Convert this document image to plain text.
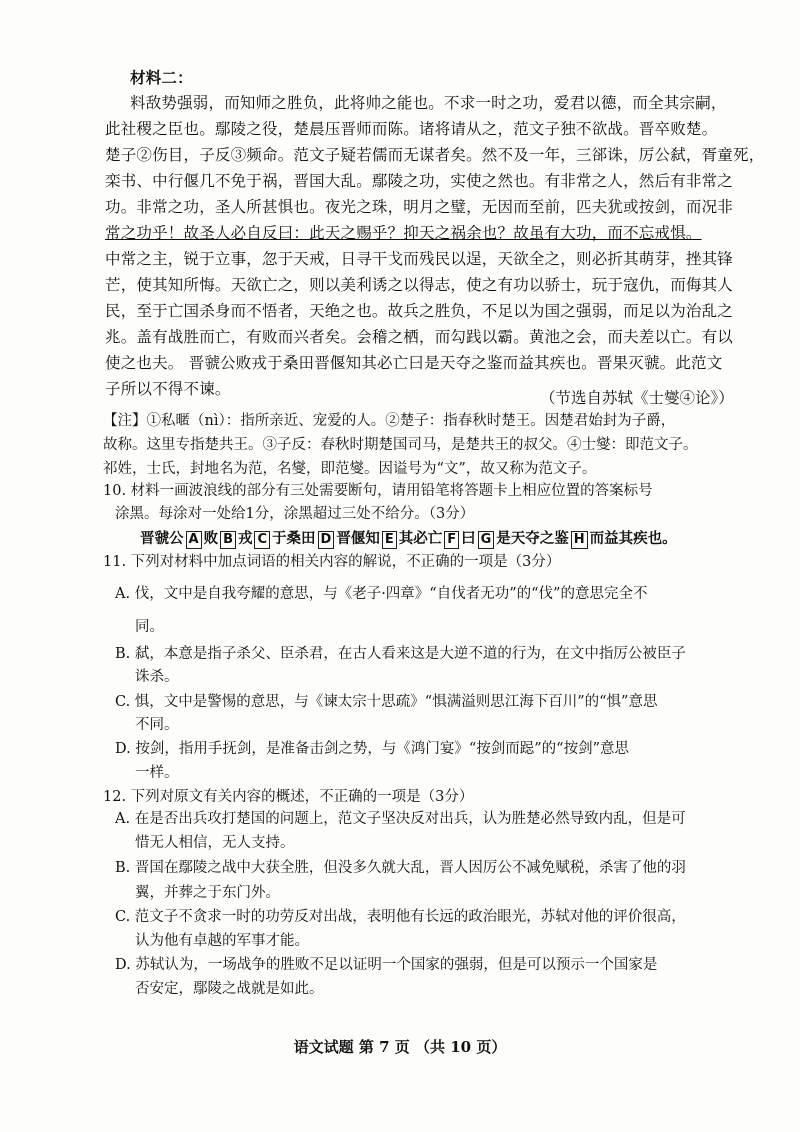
材料二：
料敌势强弱，而知师之胜负，此将帅之能也。不求一时之功，爱君以德，而全其宗嗣，
此社稷之臣也。鄢陵之役，楚晨压晋师而陈。诸将请从之，范文子独不欲战。晋卒败楚。
楚子②伤目，子反③频命。范文子疑若儒而无谋者矣。然不及一年，三郤诛，厉公弑，胥童死，
栾书、中行偃几不免于祸，晋国大乱。鄢陵之功，实使之然也。有非常之人，然后有非常之
功。非常之功，圣人所甚惧也。夜光之珠，明月之璧，无因而至前，匹夫犹或按剑，而况非
常之功乎！故圣人必自反曰：此天之赐乎？抑天之祸余也？故虽有大功，而不忘戒惧。
中常之主，锐于立事，忽于天戒，日寻干戈而残民以逞，天欲全之，则必折其萌芽，挫其锋
芒，使其知所悔。天欲亡之，则以美利诱之以得志，使之有功以骄士，玩于寇仇，而侮其人
民，至于亡国杀身而不悟者，天绝之也。故兵之胜负，不足以为国之强弱，而足以为治乱之
兆。盖有战胜而亡，有败而兴者矣。会稽之栖，而勾践以霸。黄池之会，而夫差以亡。有以
使之也夫。 晋虢公败戎于桑田晋偃知其必亡曰是天夺之鉴而益其疾也。晋果灭虢。此范文
子所以不得不谏。	（节选自苏轼《士燮④论》）
【注】①私暱（nì）：指所亲近、宠爱的人。②楚子：指春秋时楚王。因楚君始封为子爵，
故称。这里专指楚共王。③子反：春秋时期楚国司马，是楚共王的叔父。④士燮：即范文子。
祁姓，士氏，封地名为范，名燮，即范燮。因谥号为“文”，故又称为范文子。
10. 材料一画波浪线的部分有三处需要断句，请用铅笔将答题卡上相应位置的答案标号
涂黑。每涂对一处给1分，涂黑超过三处不给分。（3分）
晋虢公 A 败 B 戎 C 于桑田 D 晋偃知 E 其必亡 F 曰 G 是天夺之鉴 H 而益其疾也。
11. 下列对材料中加点词语的相关内容的解说，不正确的一项是（3分）
A. 伐，文中是自我夸耀的意思，与《老子·四章》“自伐者无功”的“伐”的意思完全不
同。
B. 弑，本意是指子杀父、臣杀君，在古人看来这是大逆不道的行为，在文中指厉公被臣子
诛杀。
C. 惧，文中是警惕的意思，与《谏太宗十思疏》“惧满溢则思江海下百川”的“惧”意思
不同。
D. 按剑，指用手抚剑，是准备击剑之势，与《鸿门宴》“按剑而跽”的“按剑”意思
一样。
12. 下列对原文有关内容的概述，不正确的一项是（3分）
A. 在是否出兵攻打楚国的问题上，范文子坚决反对出兵，认为胜楚必然导致内乱，但是可
惜无人相信，无人支持。
B. 晋国在鄢陵之战中大获全胜，但没多久就大乱，晋人因厉公不减免赋税，杀害了他的羽
翼，并葬之于东门外。
C. 范文子不贪求一时的功劳反对出战，表明他有长远的政治眼光，苏轼对他的评价很高，
认为他有卓越的军事才能。
D. 苏轼认为，一场战争的胜败不足以证明一个国家的强弱，但是可以预示一个国家是
否安定，鄢陵之战就是如此。
语文试题 第 7 页 （共 10 页）
